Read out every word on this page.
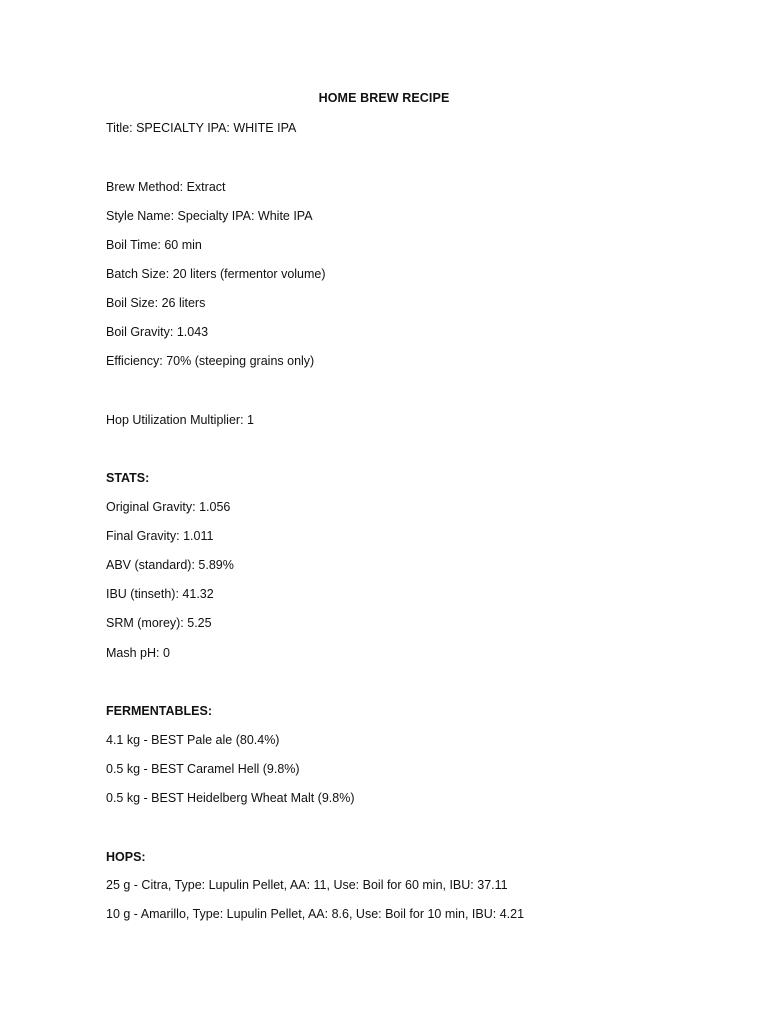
HOME BREW RECIPE
Title: SPECIALTY IPA: WHITE IPA
Brew Method: Extract
Style Name: Specialty IPA: White IPA
Boil Time: 60 min
Batch Size: 20 liters (fermentor volume)
Boil Size: 26 liters
Boil Gravity: 1.043
Efficiency: 70% (steeping grains only)
Hop Utilization Multiplier: 1
STATS:
Original Gravity: 1.056
Final Gravity: 1.011
ABV (standard): 5.89%
IBU (tinseth): 41.32
SRM (morey): 5.25
Mash pH: 0
FERMENTABLES:
4.1 kg - BEST Pale ale (80.4%)
0.5 kg - BEST Caramel Hell (9.8%)
0.5 kg - BEST Heidelberg Wheat Malt (9.8%)
HOPS:
25 g - Citra, Type: Lupulin Pellet, AA: 11, Use: Boil for 60 min, IBU: 37.11
10 g - Amarillo, Type: Lupulin Pellet, AA: 8.6, Use: Boil for 10 min, IBU: 4.21
